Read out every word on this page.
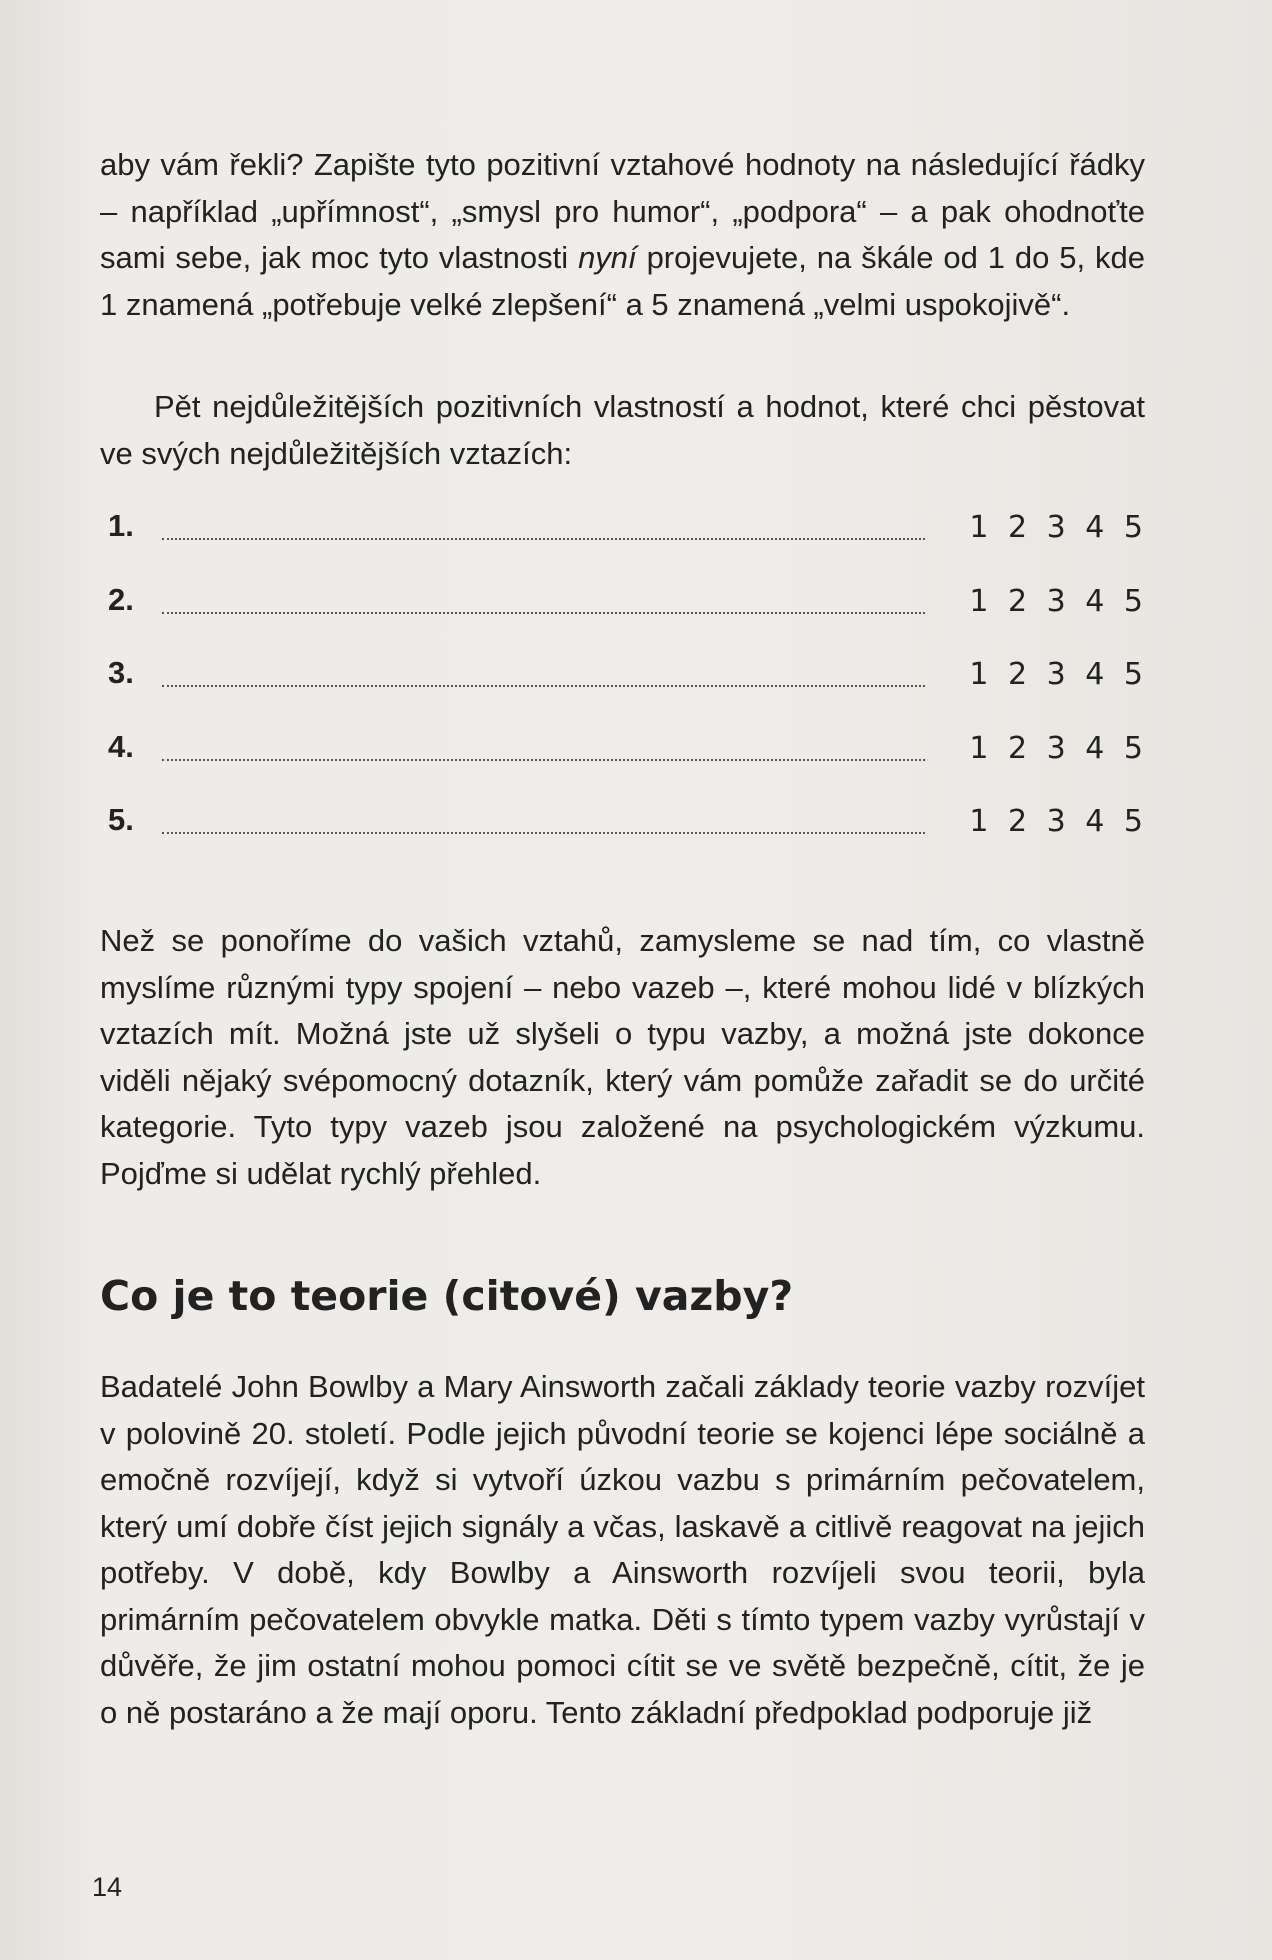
aby vám řekli? Zapište tyto pozitivní vztahové hodnoty na následující řádky – například „upřímnost“, „smysl pro humor“, „podpora“ – a pak ohodnoťte sami sebe, jak moc tyto vlastnosti nyní projevujete, na škále od 1 do 5, kde 1 znamená „potřebuje velké zlepšení“ a 5 znamená „velmi uspokojivě“.

Pět nejdůležitějších pozitivních vlastností a hodnot, které chci pěstovat ve svých nejdůležitějších vztazích:

1.	1 2 3 4 5
2.	1 2 3 4 5
3.	1 2 3 4 5
4.	1 2 3 4 5
5.	1 2 3 4 5

Než se ponoříme do vašich vztahů, zamysleme se nad tím, co vlastně myslíme různými typy spojení – nebo vazeb –, které mohou lidé v blízkých vztazích mít. Možná jste už slyšeli o typu vazby, a možná jste dokonce viděli nějaký svépomocný dotazník, který vám pomůže zařadit se do určité kategorie. Tyto typy vazeb jsou založené na psychologickém výzkumu. Pojďme si udělat rychlý přehled.

Co je to teorie (citové) vazby?

Badatelé John Bowlby a Mary Ainsworth začali základy teorie vazby rozvíjet v polovině 20. století. Podle jejich původní teorie se kojenci lépe sociálně a emočně rozvíjejí, když si vytvoří úzkou vazbu s primárním pečovatelem, který umí dobře číst jejich signály a včas, laskavě a citlivě reagovat na jejich potřeby. V době, kdy Bowlby a Ainsworth rozvíjeli svou teorii, byla primárním pečovatelem obvykle matka. Děti s tímto typem vazby vyrůstají v důvěře, že jim ostatní mohou pomoci cítit se ve světě bezpečně, cítit, že je o ně postaráno a že mají oporu. Tento základní předpoklad podporuje již

14
